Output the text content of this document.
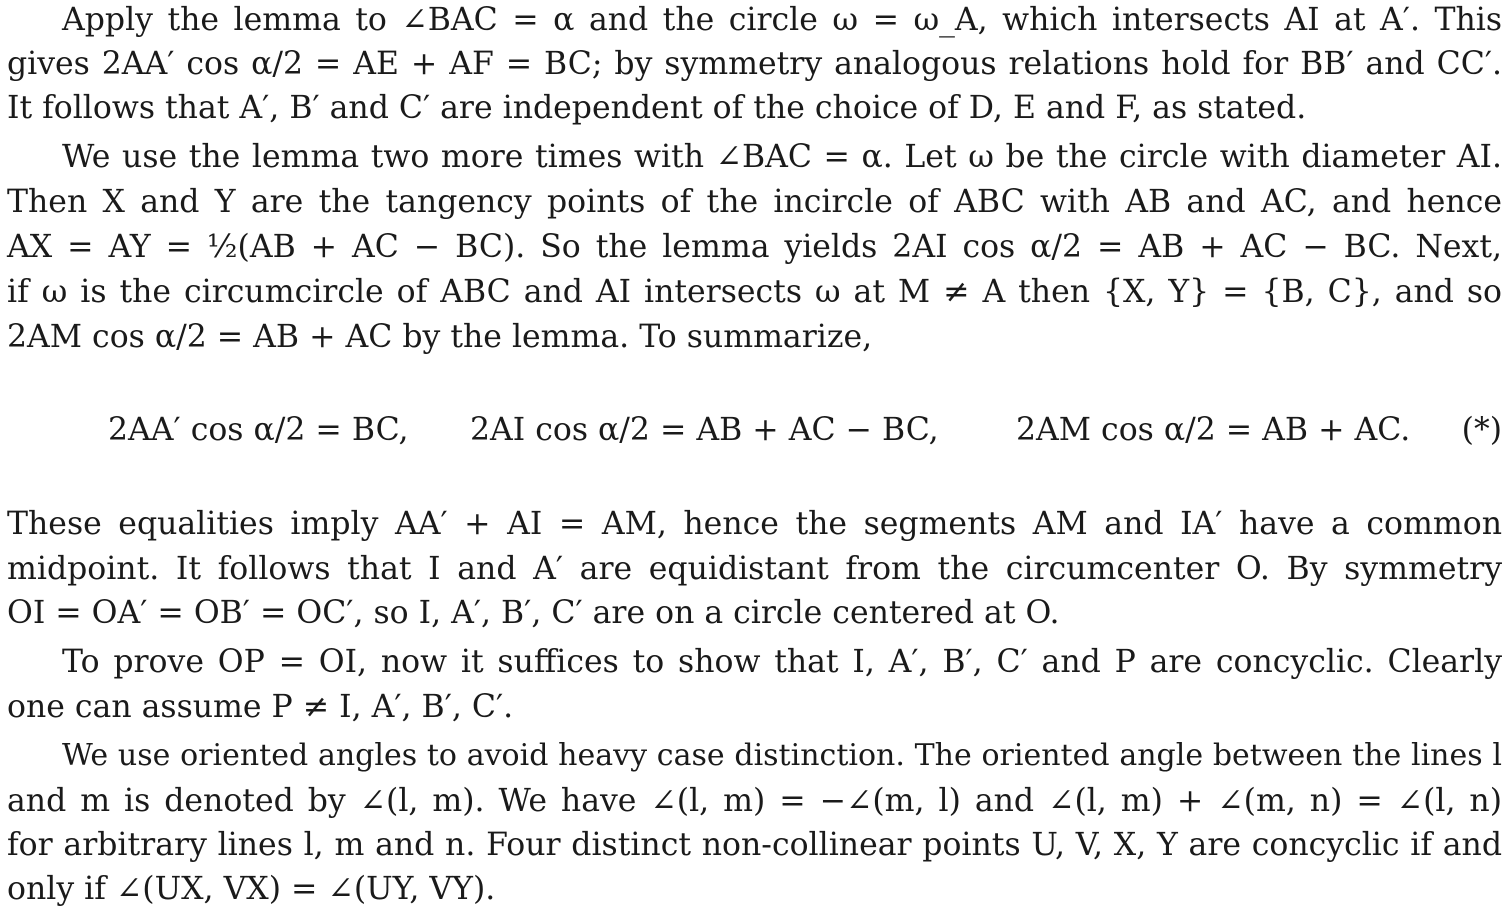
Apply the lemma to ∠BAC = α and the circle ω = ω_A, which intersects AI at A′. This
gives 2AA′ cos α/2 = AE + AF = BC; by symmetry analogous relations hold for BB′ and CC′.
It follows that A′, B′ and C′ are independent of the choice of D, E and F, as stated.
We use the lemma two more times with ∠BAC = α. Let ω be the circle with diameter AI.
Then X and Y are the tangency points of the incircle of ABC with AB and AC, and hence
AX = AY = ½(AB + AC − BC). So the lemma yields 2AI cos α/2 = AB + AC − BC. Next,
if ω is the circumcircle of ABC and AI intersects ω at M ≠ A then {X, Y} = {B, C}, and so
2AM cos α/2 = AB + AC by the lemma. To summarize,
2AA′ cos α/2 = BC, 2AI cos α/2 = AB + AC − BC, 2AM cos α/2 = AB + AC. (*)
These equalities imply AA′ + AI = AM, hence the segments AM and IA′ have a common
midpoint. It follows that I and A′ are equidistant from the circumcenter O. By symmetry
OI = OA′ = OB′ = OC′, so I, A′, B′, C′ are on a circle centered at O.
To prove OP = OI, now it suffices to show that I, A′, B′, C′ and P are concyclic. Clearly
one can assume P ≠ I, A′, B′, C′.
We use oriented angles to avoid heavy case distinction. The oriented angle between the lines l
and m is denoted by ∠(l, m). We have ∠(l, m) = −∠(m, l) and ∠(l, m) + ∠(m, n) = ∠(l, n)
for arbitrary lines l, m and n. Four distinct non-collinear points U, V, X, Y are concyclic if and
only if ∠(UX, VX) = ∠(UY, VY).
